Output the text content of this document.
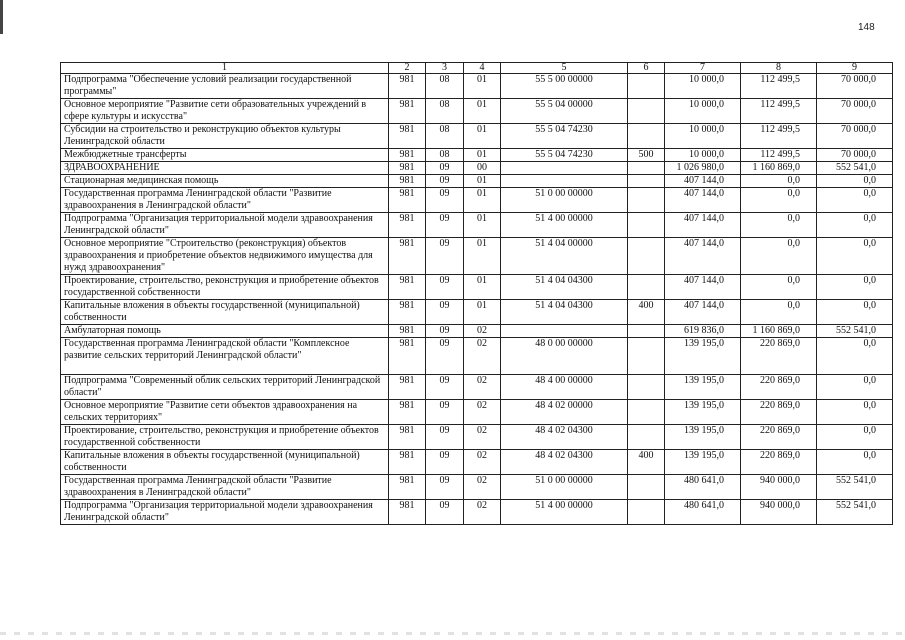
148
1	2	3	4	5	6	7	8	9
Подпрограмма "Обеспечение условий реализации государственной программы"	981	08	01	55 5 00 00000		10 000,0	112 499,5	70 000,0
Основное мероприятие "Развитие сети образовательных учреждений в сфере культуры и искусства"	981	08	01	55 5 04 00000		10 000,0	112 499,5	70 000,0
Субсидии на строительство и реконструкцию объектов культуры Ленинградской области	981	08	01	55 5 04 74230		10 000,0	112 499,5	70 000,0
Межбюджетные трансферты	981	08	01	55 5 04 74230	500	10 000,0	112 499,5	70 000,0
ЗДРАВООХРАНЕНИЕ	981	09	00			1 026 980,0	1 160 869,0	552 541,0
Стационарная медицинская помощь	981	09	01			407 144,0	0,0	0,0
Государственная программа Ленинградской области "Развитие здравоохранения в Ленинградской области"	981	09	01	51 0 00 00000		407 144,0	0,0	0,0
Подпрограмма "Организация территориальной модели здравоохранения Ленинградской области"	981	09	01	51 4 00 00000		407 144,0	0,0	0,0
Основное мероприятие "Строительство (реконструкция) объектов здравоохранения и приобретение объектов недвижимого имущества для нужд здравоохранения"	981	09	01	51 4 04 00000		407 144,0	0,0	0,0
Проектирование, строительство, реконструкция и приобретение объектов государственной собственности	981	09	01	51 4 04 04300		407 144,0	0,0	0,0
Капитальные вложения в объекты государственной (муниципальной) собственности	981	09	01	51 4 04 04300	400	407 144,0	0,0	0,0
Амбулаторная помощь	981	09	02			619 836,0	1 160 869,0	552 541,0
Государственная программа Ленинградской области "Комплексное развитие сельских территорий Ленинградской области"	981	09	02	48 0 00 00000		139 195,0	220 869,0	0,0
Подпрограмма "Современный облик сельских территорий Ленинградской области"	981	09	02	48 4 00 00000		139 195,0	220 869,0	0,0
Основное мероприятие "Развитие сети объектов здравоохранения на сельских территориях"	981	09	02	48 4 02 00000		139 195,0	220 869,0	0,0
Проектирование, строительство, реконструкция и приобретение объектов государственной собственности	981	09	02	48 4 02 04300		139 195,0	220 869,0	0,0
Капитальные вложения в объекты государственной (муниципальной) собственности	981	09	02	48 4 02 04300	400	139 195,0	220 869,0	0,0
Государственная программа Ленинградской области "Развитие здравоохранения в Ленинградской области"	981	09	02	51 0 00 00000		480 641,0	940 000,0	552 541,0
Подпрограмма "Организация территориальной модели здравоохранения Ленинградской области"	981	09	02	51 4 00 00000		480 641,0	940 000,0	552 541,0
